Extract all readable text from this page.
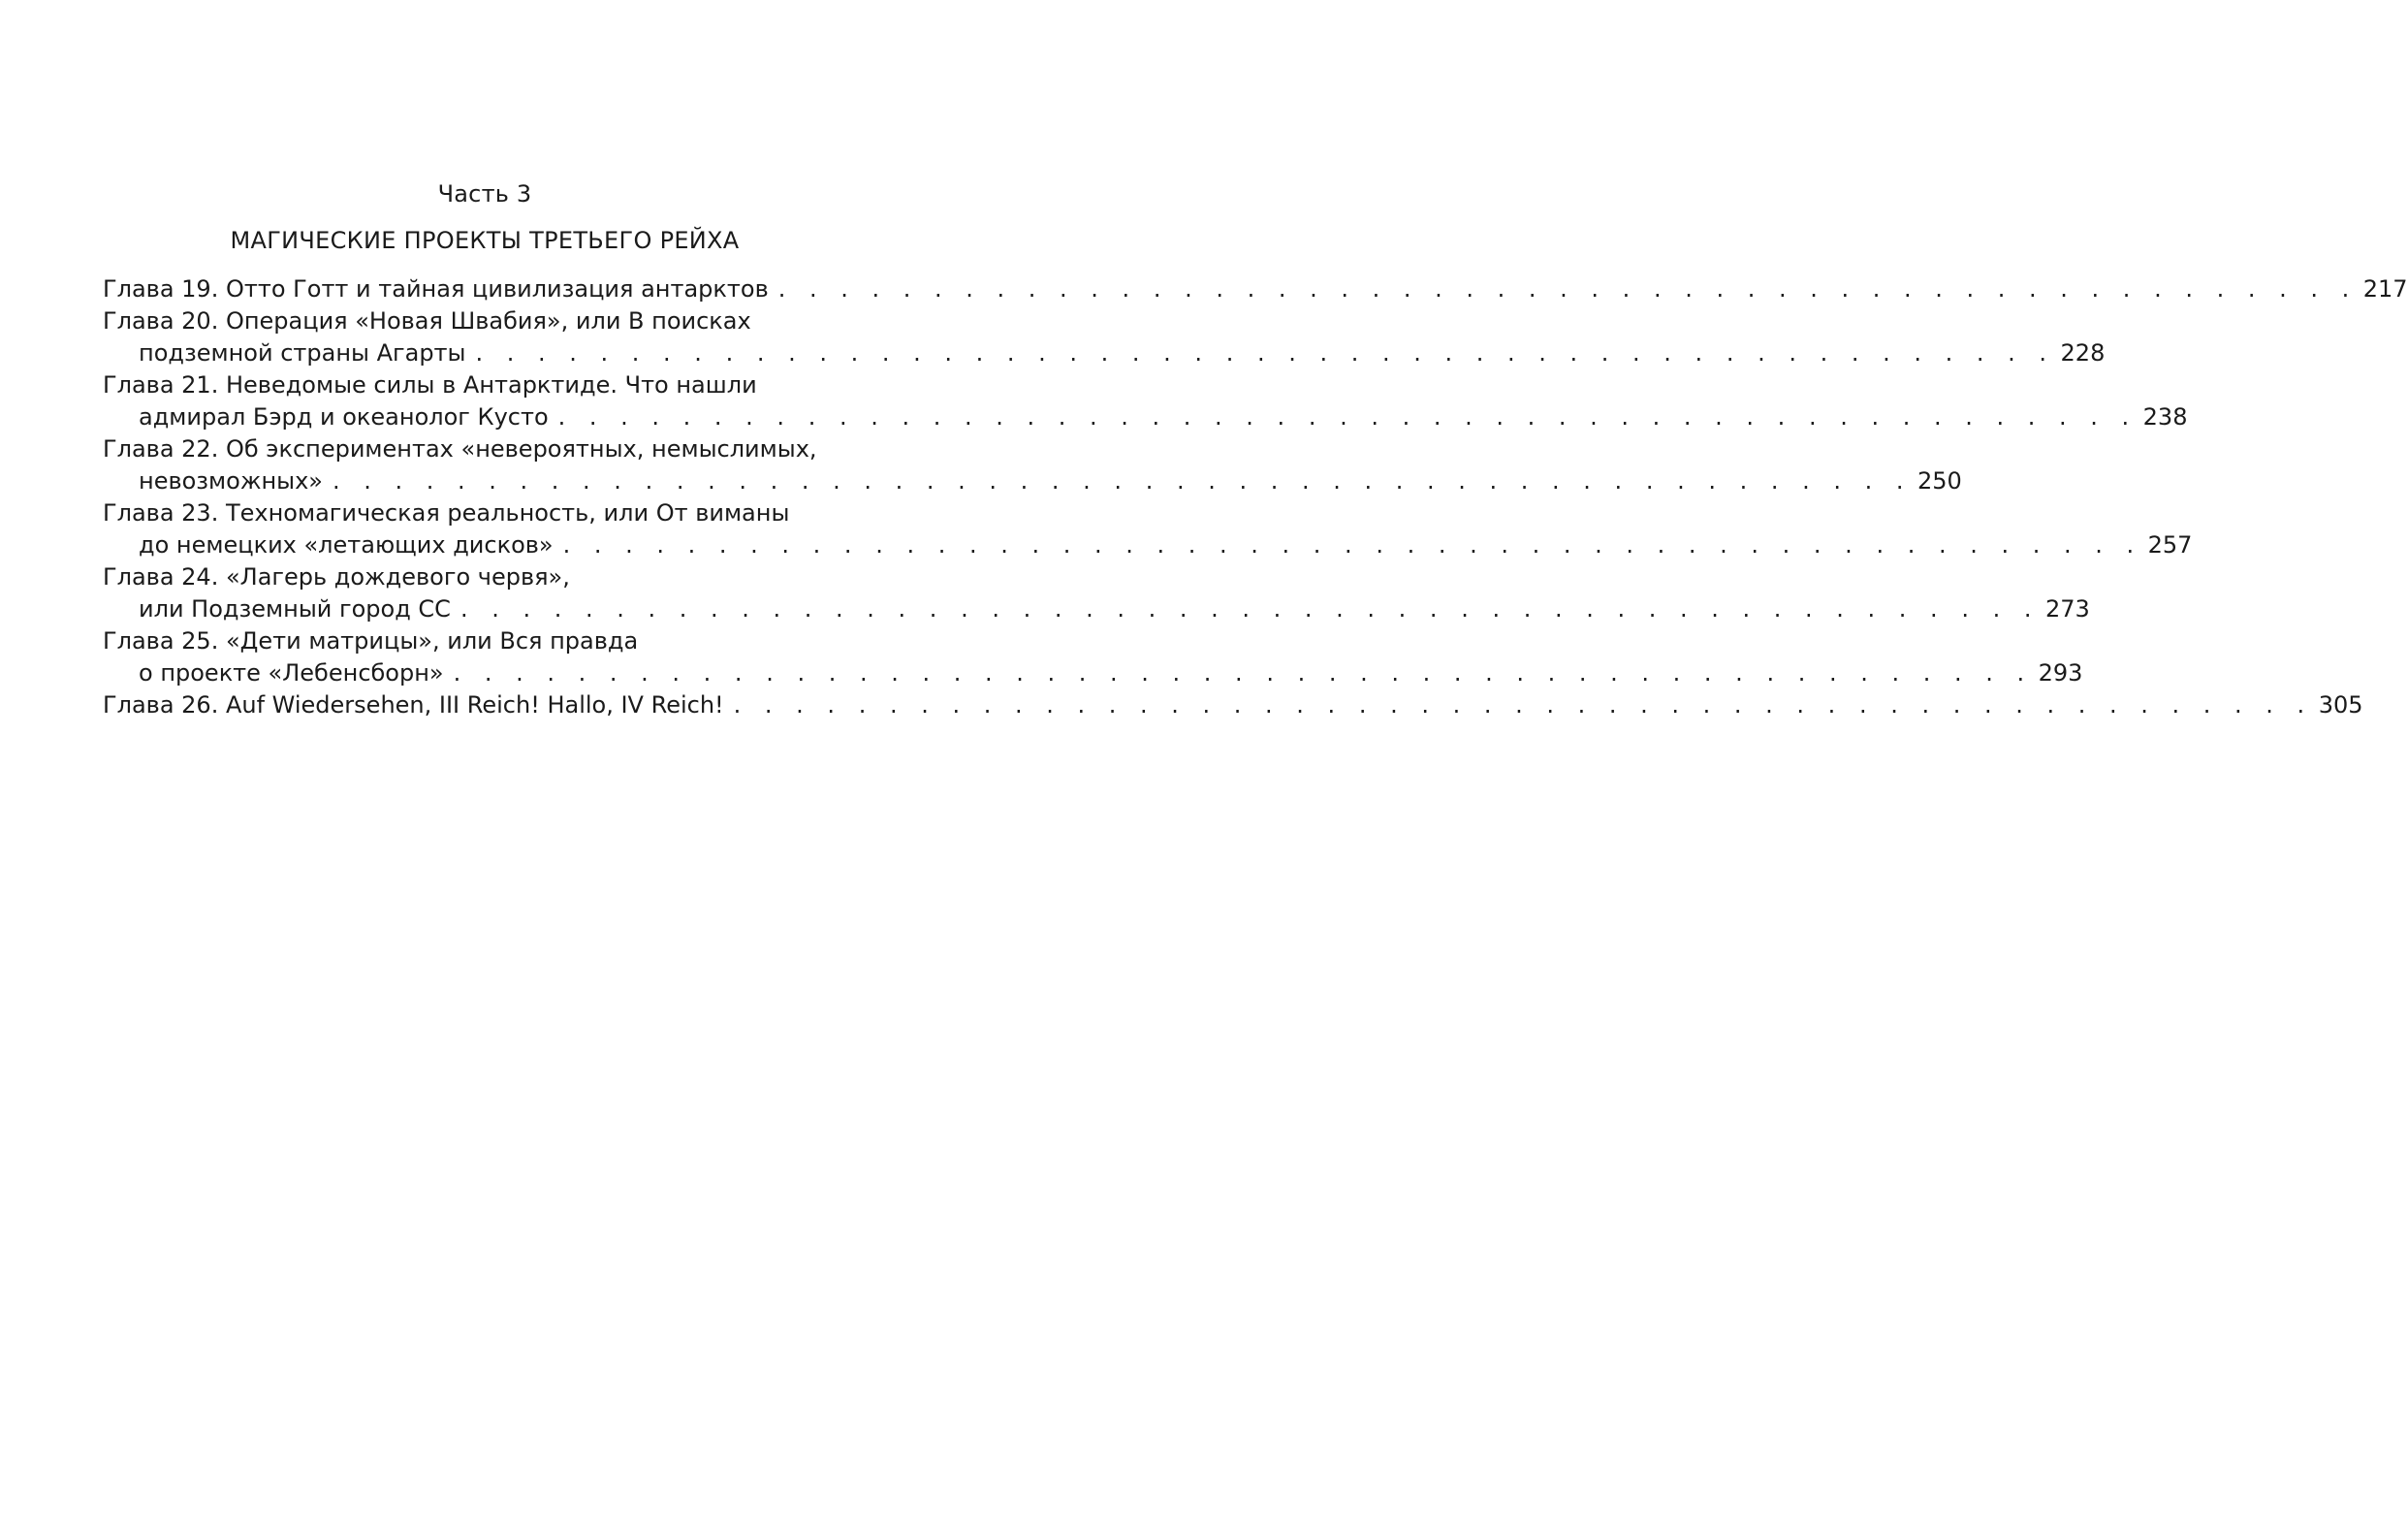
Часть 3
МАГИЧЕСКИЕ ПРОЕКТЫ ТРЕТЬЕГО РЕЙХА
Глава 19. Отто Готт и тайная цивилизация антарктов . . . . . . . . . . . . . . . . . . . . . . . . . . . . . . . . . . . . . . . . . . . . . . . . . . . 217
Глава 20. Операция «Новая Швабия», или В поисках
подземной страны Агарты . . . . . . . . . . . . . . . . . . . . . . . . . . . . . . . . . . . . . . . . . . . . . . . . . . . 228
Глава 21. Неведомые силы в Антарктиде. Что нашли
адмирал Бэрд и океанолог Кусто . . . . . . . . . . . . . . . . . . . . . . . . . . . . . . . . . . . . . . . . . . . . . . . . . . . 238
Глава 22. Об экспериментах «невероятных, немыслимых,
невозможных» . . . . . . . . . . . . . . . . . . . . . . . . . . . . . . . . . . . . . . . . . . . . . . . . . . . 250
Глава 23. Техномагическая реальность, или От виманы
до немецких «летающих дисков» . . . . . . . . . . . . . . . . . . . . . . . . . . . . . . . . . . . . . . . . . . . . . . . . . . . 257
Глава 24. «Лагерь дождевого червя»,
или Подземный город СС . . . . . . . . . . . . . . . . . . . . . . . . . . . . . . . . . . . . . . . . . . . . . . . . . . . 273
Глава 25. «Дети матрицы», или Вся правда
о проекте «Лебенсборн» . . . . . . . . . . . . . . . . . . . . . . . . . . . . . . . . . . . . . . . . . . . . . . . . . . . 293
Глава 26. Auf Wiedersehen, III Reich! Hallo, IV Reich! . . . . . . . . . . . . . . . . . . . . . . . . . . . . . . . . . . . . . . . . . . . . . . . . . . . 305
